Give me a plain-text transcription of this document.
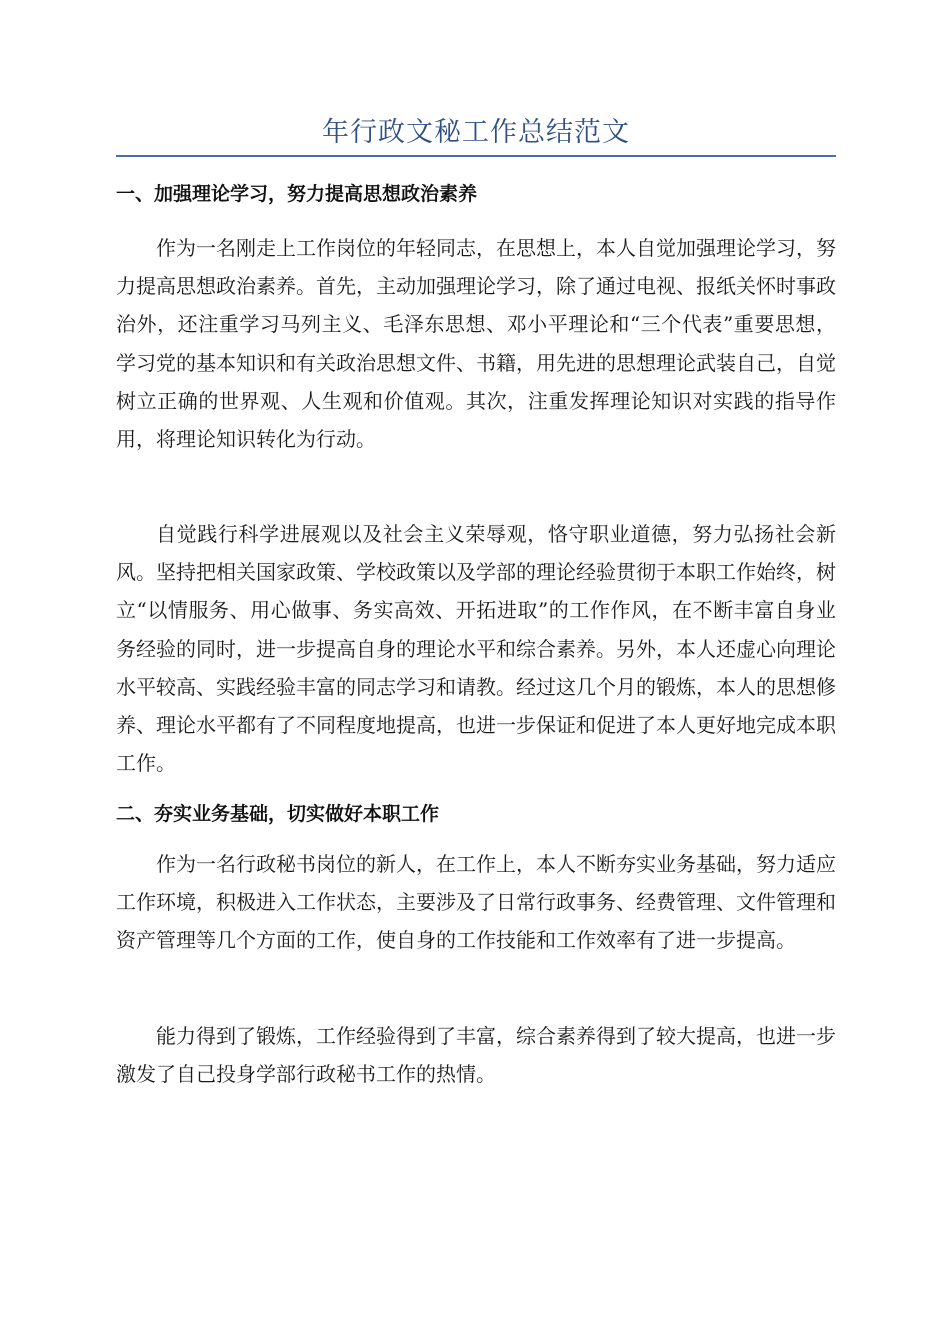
年行政文秘工作总结范文
一、加强理论学习，努力提高思想政治素养

作为一名刚走上工作岗位的年轻同志，在思想上，本人自觉加强理论学习，努力提高思想政治素养。首先，主动加强理论学习，除了通过电视、报纸关怀时事政治外，还注重学习马列主义、毛泽东思想、邓小平理论和“三个代表”重要思想，学习党的基本知识和有关政治思想文件、书籍，用先进的思想理论武装自己，自觉树立正确的世界观、人生观和价值观。其次，注重发挥理论知识对实践的指导作用，将理论知识转化为行动。

自觉践行科学进展观以及社会主义荣辱观，恪守职业道德，努力弘扬社会新风。坚持把相关国家政策、学校政策以及学部的理论经验贯彻于本职工作始终，树立“以情服务、用心做事、务实高效、开拓进取”的工作作风，在不断丰富自身业务经验的同时，进一步提高自身的理论水平和综合素养。另外，本人还虚心向理论水平较高、实践经验丰富的同志学习和请教。经过这几个月的锻炼，本人的思想修养、理论水平都有了不同程度地提高，也进一步保证和促进了本人更好地完成本职工作。

二、夯实业务基础，切实做好本职工作

作为一名行政秘书岗位的新人，在工作上，本人不断夯实业务基础，努力适应工作环境，积极进入工作状态，主要涉及了日常行政事务、经费管理、文件管理和资产管理等几个方面的工作，使自身的工作技能和工作效率有了进一步提高。

能力得到了锻炼，工作经验得到了丰富，综合素养得到了较大提高，也进一步激发了自己投身学部行政秘书工作的热情。
